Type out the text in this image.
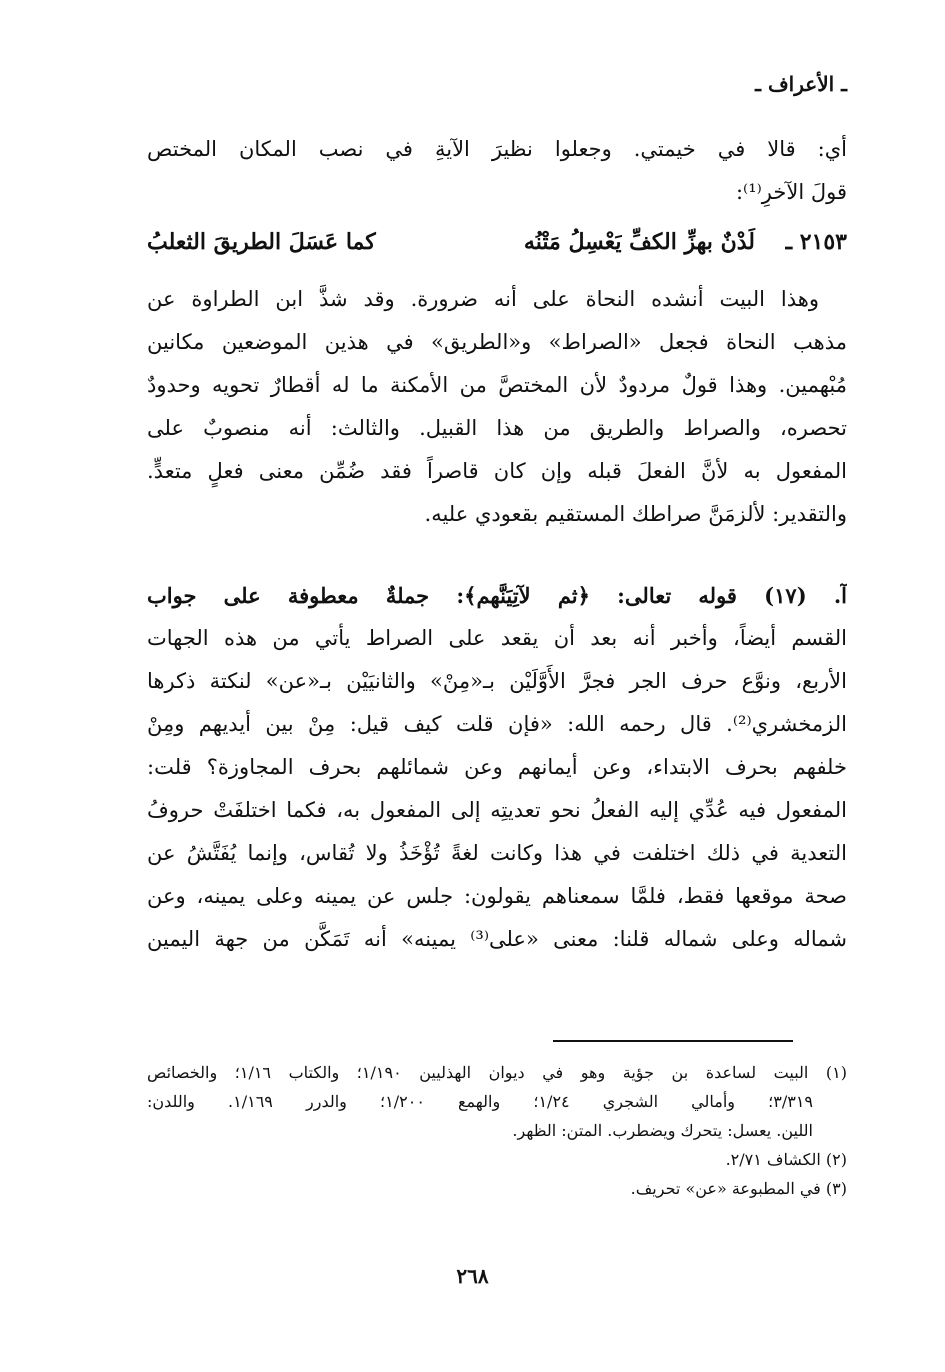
ـ الأعراف ـ
أي: قالا في خيمتي. وجعلوا نظيرَ الآيةِ في نصب المكان المختص
قولَ الآخرِ⁽¹⁾:
٢١٥٣ ـ
لَدْنٌ بهزِّ الكفِّ يَعْسِلُ مَتْنُه
كما عَسَلَ الطريقَ الثعلبُ
وهذا البيت أنشده النحاة على أنه ضرورة. وقد شذَّ ابن الطراوة عن
مذهب النحاة فجعل «الصراط» و«الطريق» في هذين الموضعين مكانين
مُبْهمين. وهذا قولٌ مردودٌ لأن المختصَّ من الأمكنة ما له أقطارٌ تحويه وحدودٌ
تحصره، والصراط والطريق من هذا القبيل. والثالث: أنه منصوبٌ على
المفعول به لأنَّ الفعلَ قبله وإن كان قاصراً فقد ضُمِّن معنى فعلٍ متعدٍّ.
والتقدير: لألزمَنَّ صراطك المستقيم بقعودي عليه.
آ. (١٧) قوله تعالى: ﴿ثم لآتِيَنَّهم﴾: جملةٌ معطوفة على جواب
القسم أيضاً، وأخبر أنه بعد أن يقعد على الصراط يأتي من هذه الجهات
الأربع، ونوَّع حرف الجر فجرَّ الأَوَّلَيْن بـ«مِنْ» والثانيَيْن بـ«عن» لنكتة ذكرها
الزمخشري⁽²⁾. قال رحمه الله: «فإن قلت كيف قيل: مِنْ بين أيديهم ومِنْ
خلفهم بحرف الابتداء، وعن أيمانهم وعن شمائلهم بحرف المجاوزة؟ قلت:
المفعول فيه عُدِّي إليه الفعلُ نحو تعديتِه إلى المفعول به، فكما اختلفَتْ حروفُ
التعدية في ذلك اختلفت في هذا وكانت لغةً تُؤْخَذُ ولا تُقاس، وإنما يُفَتَّشُ عن
صحة موقعها فقط، فلمَّا سمعناهم يقولون: جلس عن يمينه وعلى يمينه، وعن
شماله وعلى شماله قلنا: معنى «على⁽³⁾ يمينه» أنه تَمَكَّن من جهة اليمين
(١) البيت لساعدة بن جؤية وهو في ديوان الهذليين ١/١٩٠؛ والكتاب ١/١٦؛ والخصائص
٣/٣١٩؛ وأمالي الشجري ١/٢٤؛ والهمع ١/٢٠٠؛ والدرر ١/١٦٩. واللدن:
اللين. يعسل: يتحرك ويضطرب. المتن: الظهر.
(٢) الكشاف ٢/٧١.
(٣) في المطبوعة «عن» تحريف.
٢٦٨
